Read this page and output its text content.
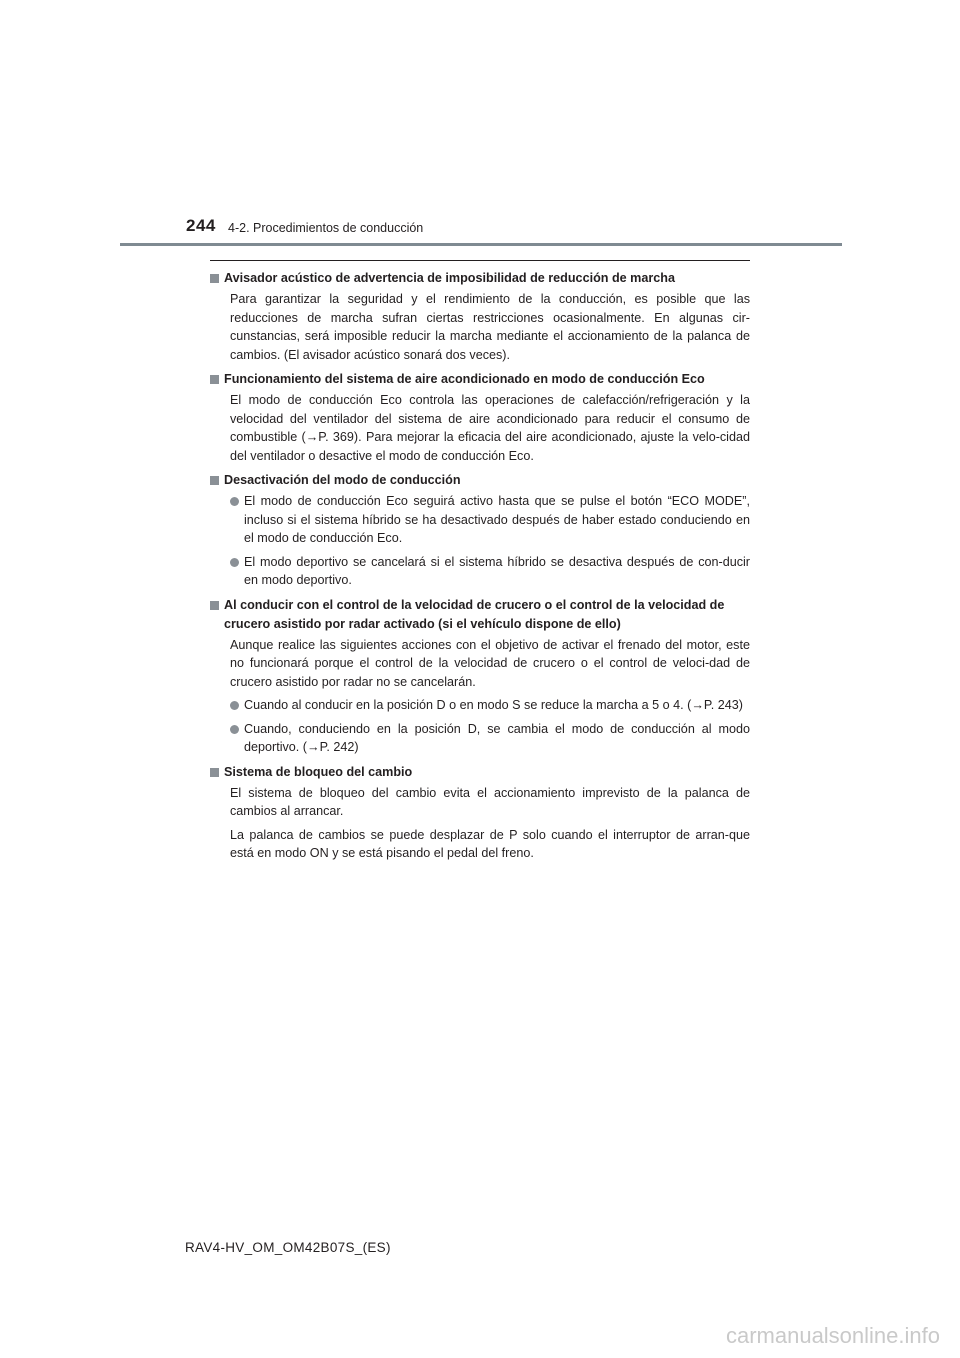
244 4-2. Procedimientos de conducción
Avisador acústico de advertencia de imposibilidad de reducción de marcha

Para garantizar la seguridad y el rendimiento de la conducción, es posible que las reducciones de marcha sufran ciertas restricciones ocasionalmente. En algunas cir-cunstancias, será imposible reducir la marcha mediante el accionamiento de la palanca de cambios. (El avisador acústico sonará dos veces).

Funcionamiento del sistema de aire acondicionado en modo de conducción Eco

El modo de conducción Eco controla las operaciones de calefacción/refrigeración y la velocidad del ventilador del sistema de aire acondicionado para reducir el consumo de combustible (→P. 369). Para mejorar la eficacia del aire acondicionado, ajuste la velo-cidad del ventilador o desactive el modo de conducción Eco.

Desactivación del modo de conducción
El modo de conducción Eco seguirá activo hasta que se pulse el botón “ECO MODE”, incluso si el sistema híbrido se ha desactivado después de haber estado conduciendo en el modo de conducción Eco.
El modo deportivo se cancelará si el sistema híbrido se desactiva después de con-ducir en modo deportivo.
Al conducir con el control de la velocidad de crucero o el control de la velocidad de crucero asistido por radar activado (si el vehículo dispone de ello)

Aunque realice las siguientes acciones con el objetivo de activar el frenado del motor, este no funcionará porque el control de la velocidad de crucero o el control de veloci-dad de crucero asistido por radar no se cancelarán.

Cuando al conducir en la posición D o en modo S se reduce la marcha a 5 o 4. (→P. 243)
Cuando, conduciendo en la posición D, se cambia el modo de conducción al modo deportivo. (→P. 242)
Sistema de bloqueo del cambio

El sistema de bloqueo del cambio evita el accionamiento imprevisto de la palanca de cambios al arrancar.

La palanca de cambios se puede desplazar de P solo cuando el interruptor de arran-que está en modo ON y se está pisando el pedal del freno.

RAV4-HV_OM_OM42B07S_(ES)
carmanualsonline.info
